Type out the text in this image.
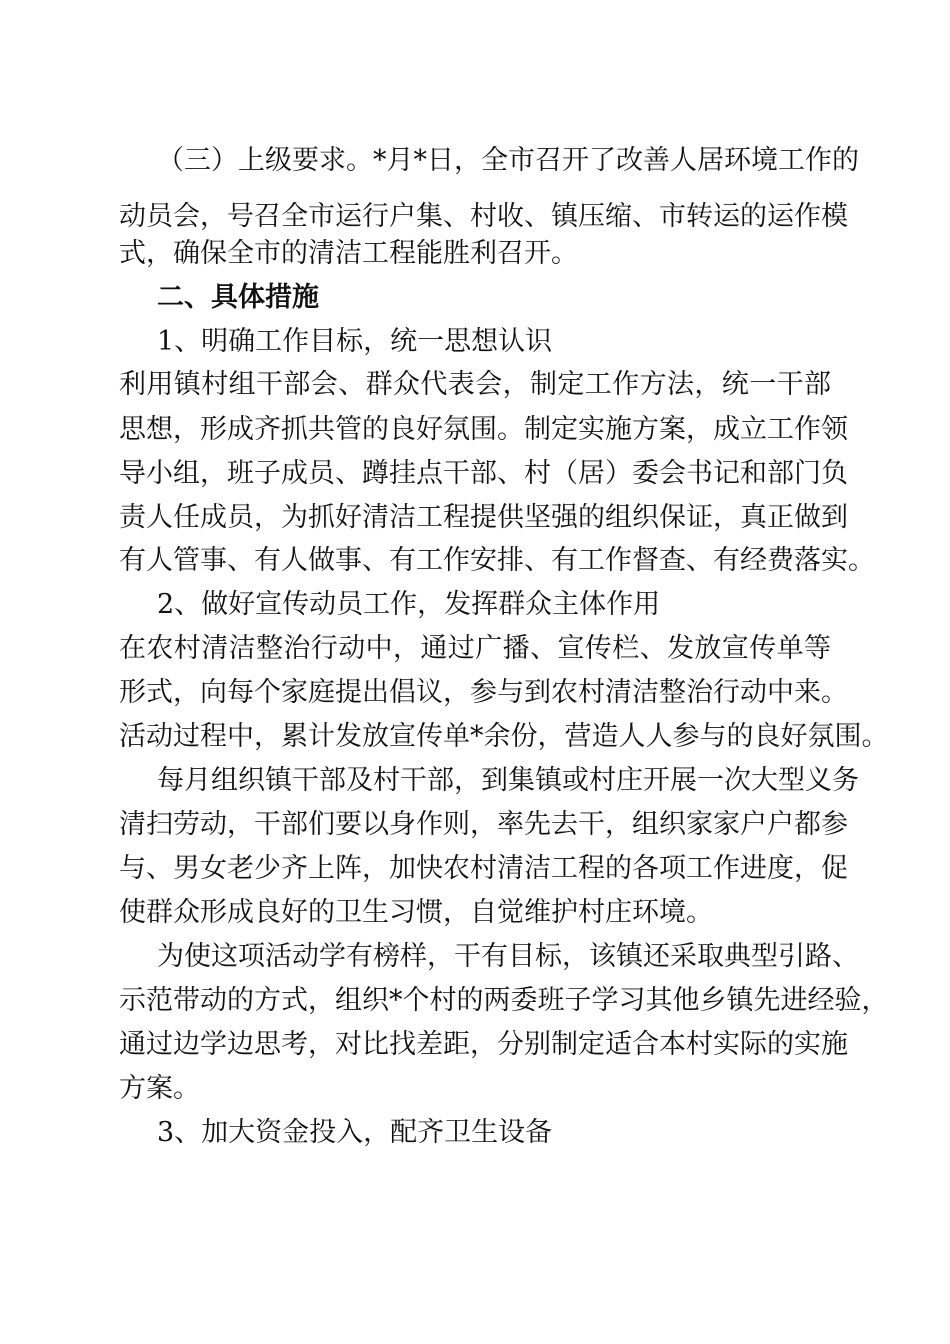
（三）上级要求。*月*日，全市召开了改善人居环境工作的
动员会，号召全市运行户集、村收、镇压缩、市转运的运作模
式，确保全市的清洁工程能胜利召开。
二、具体措施
1、明确工作目标，统一思想认识
利用镇村组干部会、群众代表会，制定工作方法，统一干部
思想，形成齐抓共管的良好氛围。制定实施方案，成立工作领
导小组，班子成员、蹲挂点干部、村（居）委会书记和部门负
责人任成员，为抓好清洁工程提供坚强的组织保证，真正做到
有人管事、有人做事、有工作安排、有工作督查、有经费落实。
2、做好宣传动员工作，发挥群众主体作用
在农村清洁整治行动中，通过广播、宣传栏、发放宣传单等
形式，向每个家庭提出倡议，参与到农村清洁整治行动中来。
活动过程中，累计发放宣传单*余份，营造人人参与的良好氛围。
每月组织镇干部及村干部，到集镇或村庄开展一次大型义务
清扫劳动，干部们要以身作则，率先去干，组织家家户户都参
与、男女老少齐上阵，加快农村清洁工程的各项工作进度，促
使群众形成良好的卫生习惯，自觉维护村庄环境。
为使这项活动学有榜样，干有目标，该镇还采取典型引路、
示范带动的方式，组织*个村的两委班子学习其他乡镇先进经验，
通过边学边思考，对比找差距，分别制定适合本村实际的实施
方案。
3、加大资金投入，配齐卫生设备
